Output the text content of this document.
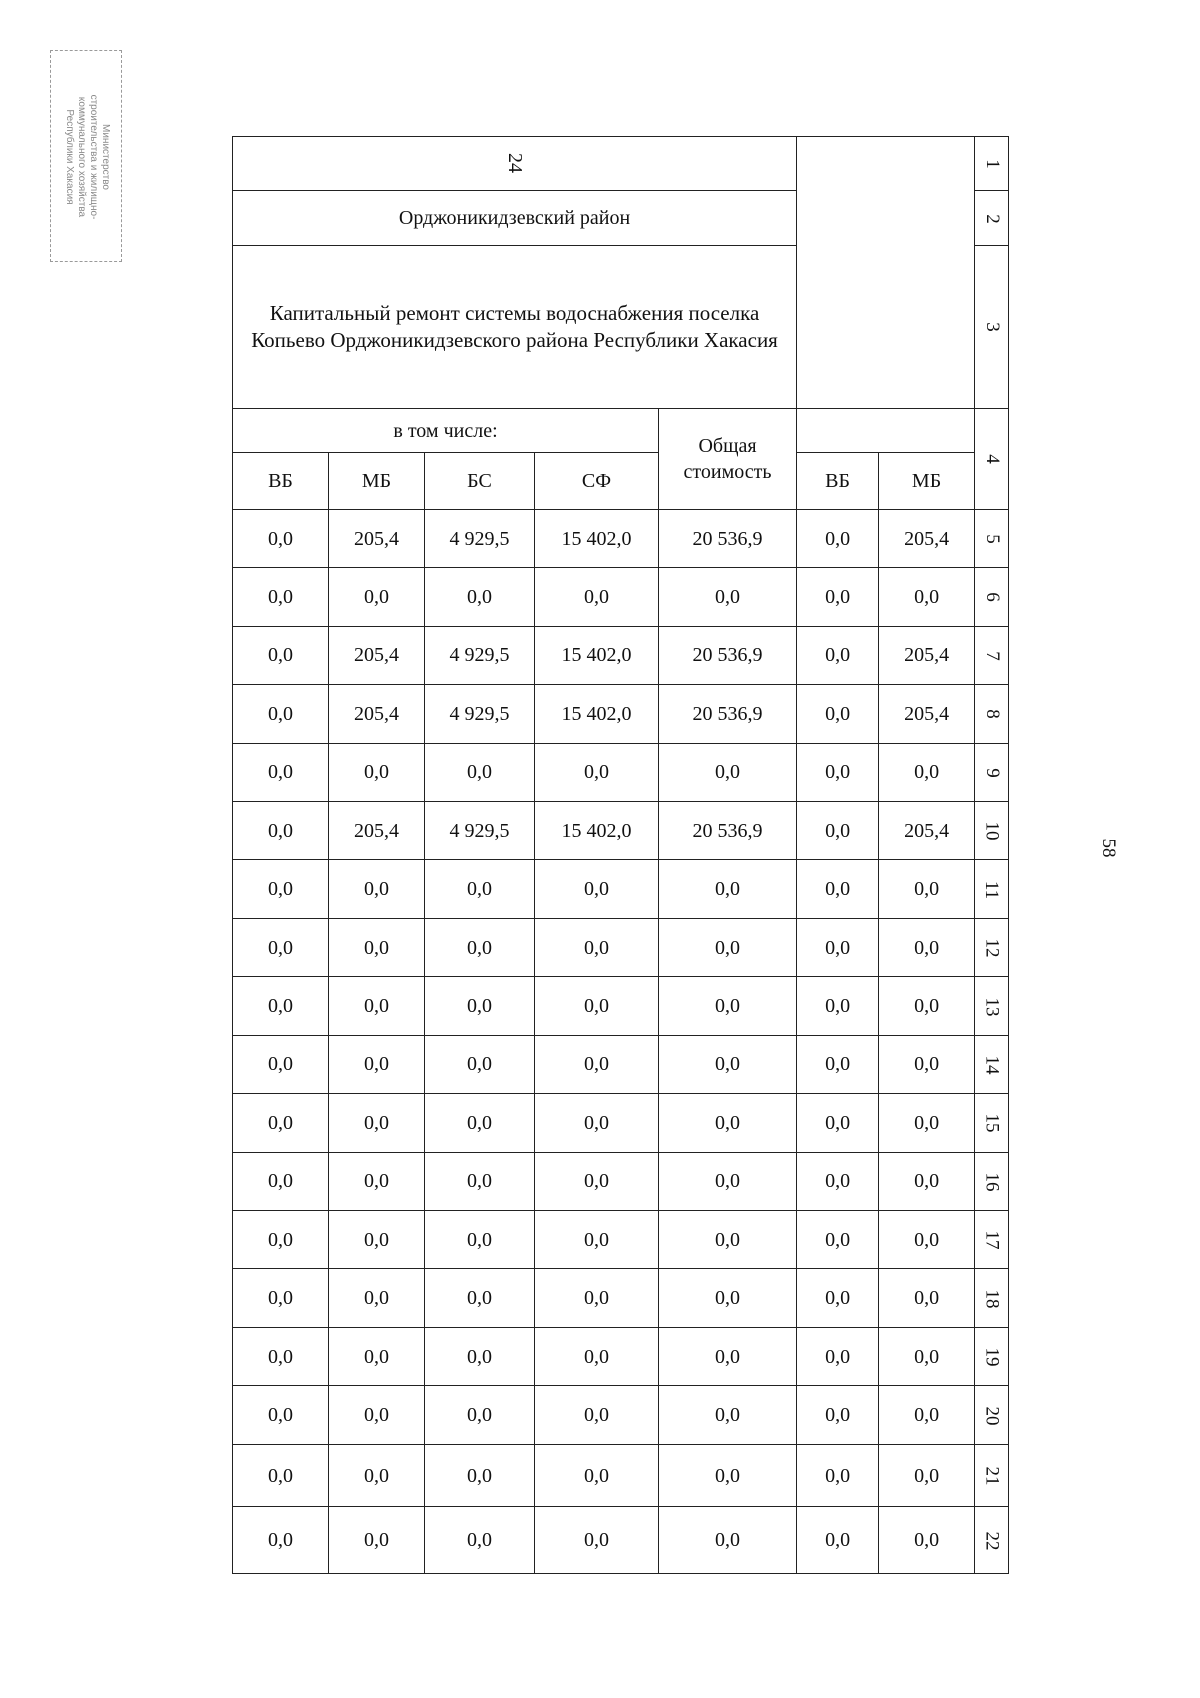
Министерство
строительства и жилищно-
коммунального хозяйства
Республики Хакасия
58
24							1

Орджоникидзевский район							2

Капитальный ремонт системы водоснабжения поселка Копьево Орджоникидзевского района Республики Хакасия							3

в том числе:				Общая стоимость			4

ВБ	МБ	БС	СФ		ВБ	МБ	

0,0	205,4	4 929,5	15 402,0	20 536,9	0,0	205,4	5

0,0	0,0	0,0	0,0	0,0	0,0	0,0	6

0,0	205,4	4 929,5	15 402,0	20 536,9	0,0	205,4	7

0,0	205,4	4 929,5	15 402,0	20 536,9	0,0	205,4	8

0,0	0,0	0,0	0,0	0,0	0,0	0,0	9

0,0	205,4	4 929,5	15 402,0	20 536,9	0,0	205,4	10

0,0	0,0	0,0	0,0	0,0	0,0	0,0	11

0,0	0,0	0,0	0,0	0,0	0,0	0,0	12

0,0	0,0	0,0	0,0	0,0	0,0	0,0	13

0,0	0,0	0,0	0,0	0,0	0,0	0,0	14

0,0	0,0	0,0	0,0	0,0	0,0	0,0	15

0,0	0,0	0,0	0,0	0,0	0,0	0,0	16

0,0	0,0	0,0	0,0	0,0	0,0	0,0	17

0,0	0,0	0,0	0,0	0,0	0,0	0,0	18

0,0	0,0	0,0	0,0	0,0	0,0	0,0	19

0,0	0,0	0,0	0,0	0,0	0,0	0,0	20

0,0	0,0	0,0	0,0	0,0	0,0	0,0	21

0,0	0,0	0,0	0,0	0,0	0,0	0,0	22
